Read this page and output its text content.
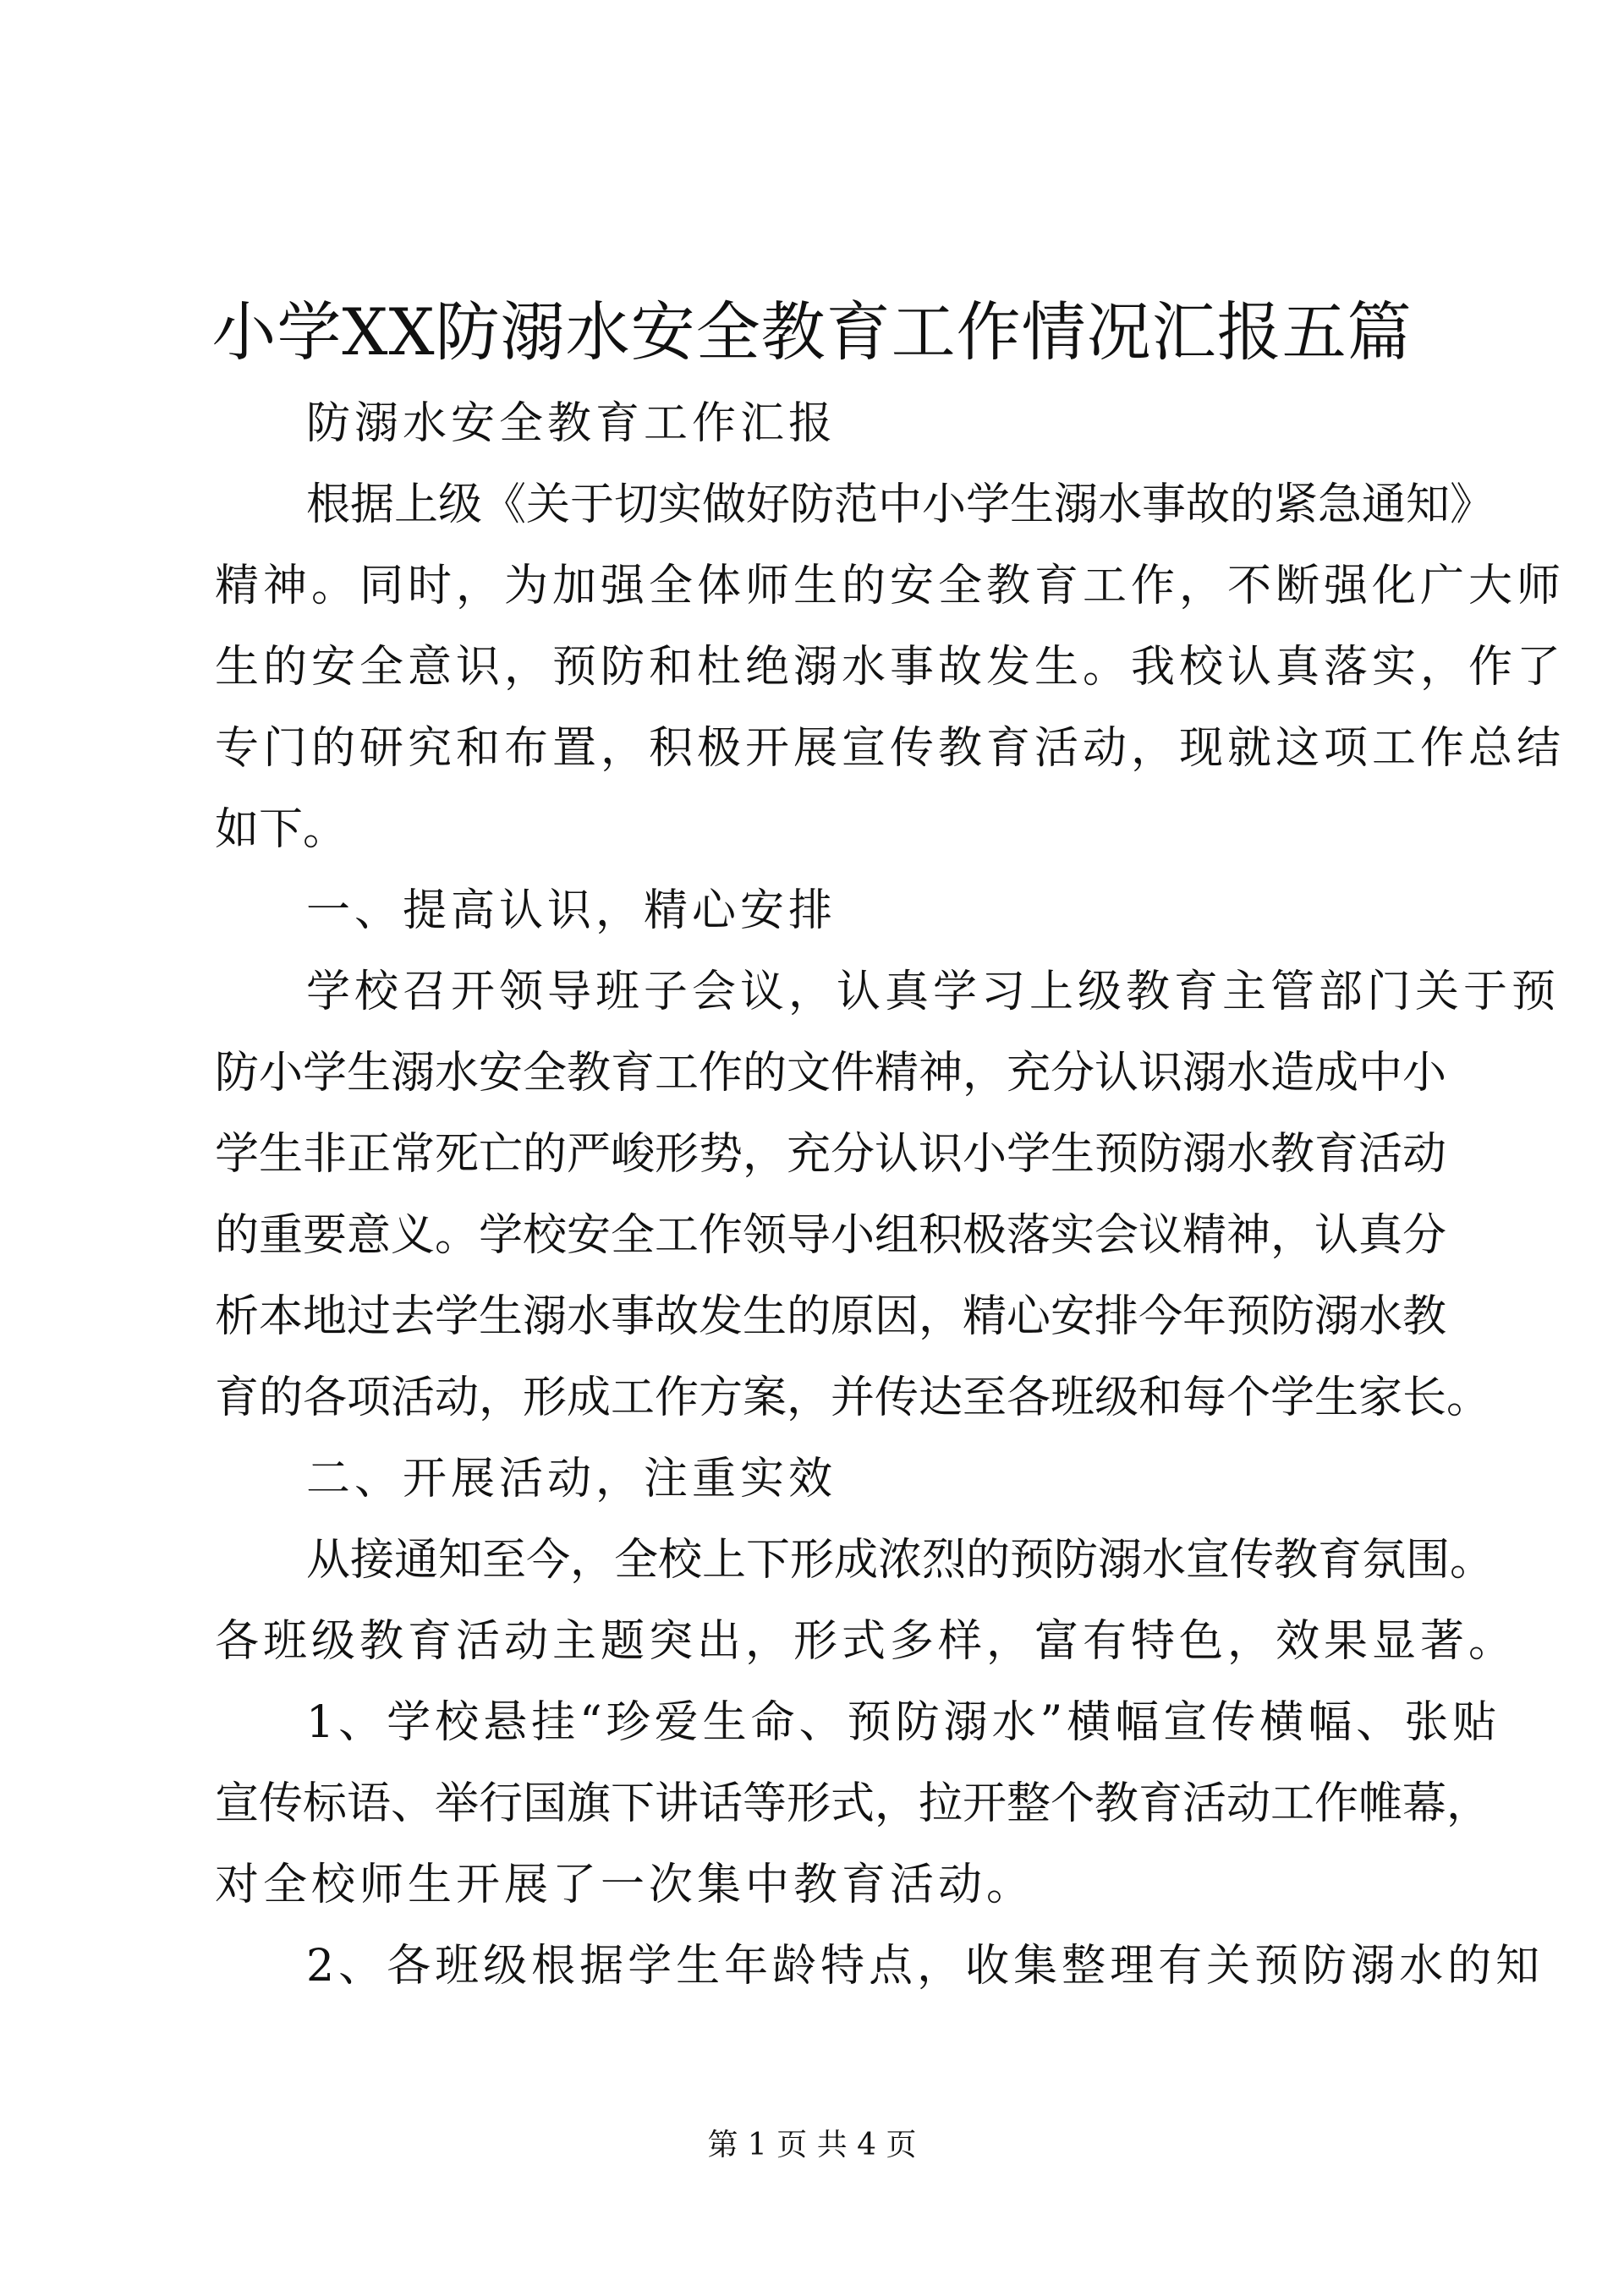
小学XX防溺水安全教育工作情况汇报五篇
防溺水安全教育工作汇报
根据上级《关于切实做好防范中小学生溺水事故的紧急通知》
精神。同时，为加强全体师生的安全教育工作，不断强化广大师
生的安全意识，预防和杜绝溺水事故发生。我校认真落实，作了
专门的研究和布置，积极开展宣传教育活动，现就这项工作总结
如下。
一、提高认识，精心安排
学校召开领导班子会议，认真学习上级教育主管部门关于预
防小学生溺水安全教育工作的文件精神，充分认识溺水造成中小
学生非正常死亡的严峻形势，充分认识小学生预防溺水教育活动
的重要意义。学校安全工作领导小组积极落实会议精神，认真分
析本地过去学生溺水事故发生的原因，精心安排今年预防溺水教
育的各项活动，形成工作方案，并传达至各班级和每个学生家长。
二、开展活动，注重实效
从接通知至今，全校上下形成浓烈的预防溺水宣传教育氛围。
各班级教育活动主题突出，形式多样，富有特色，效果显著。
1、学校悬挂“珍爱生命、预防溺水”横幅宣传横幅、张贴
宣传标语、举行国旗下讲话等形式，拉开整个教育活动工作帷幕，
对全校师生开展了一次集中教育活动。
2、各班级根据学生年龄特点，收集整理有关预防溺水的知
第 1 页 共 4 页
